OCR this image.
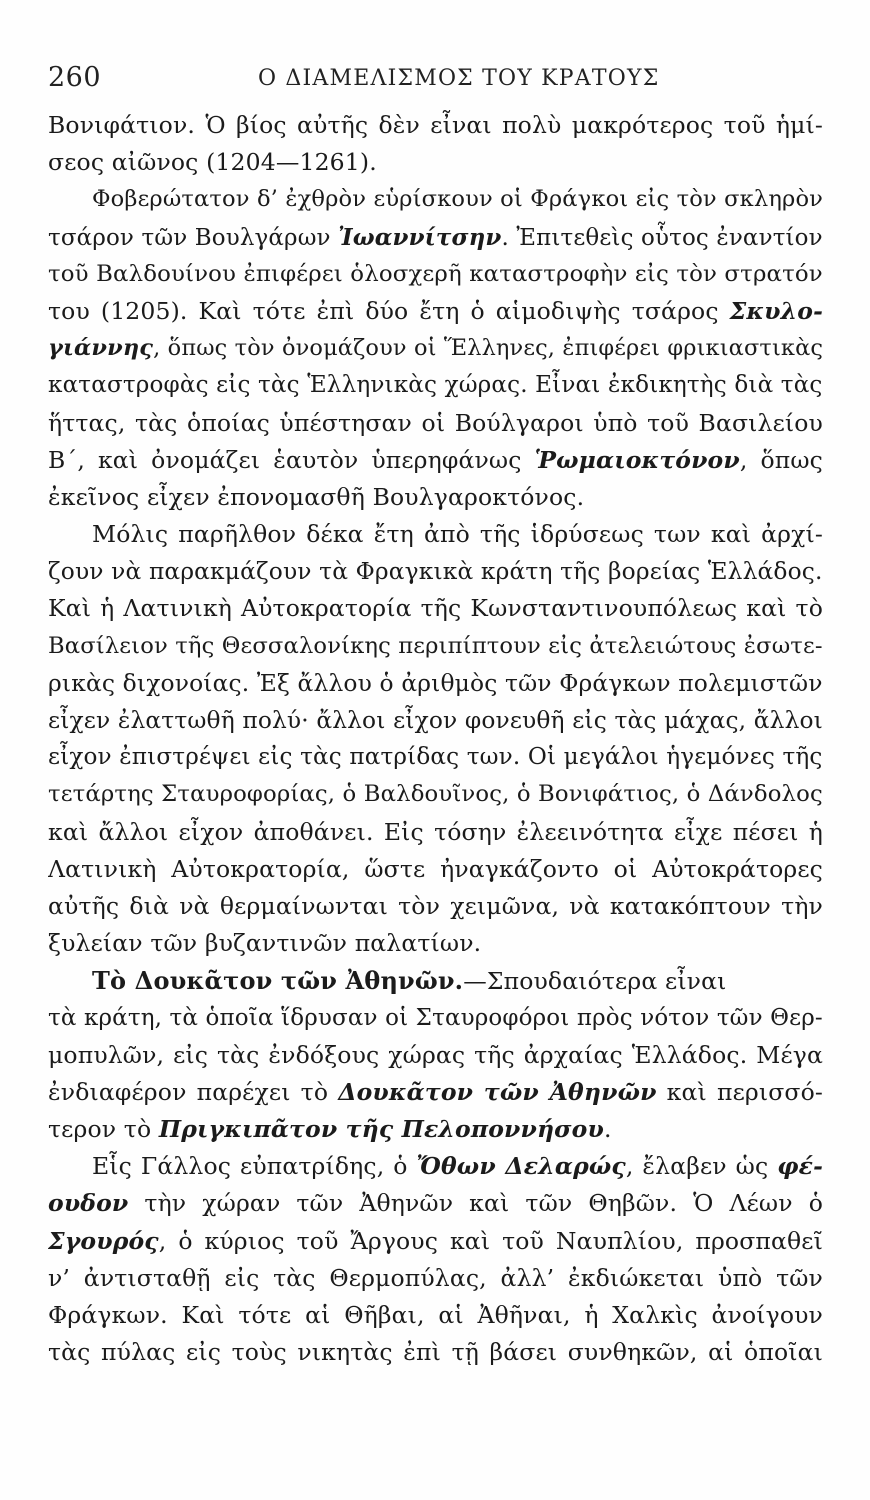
260	Ο ΔΙΑΜΕΛΙΣΜΟΣ ΤΟΥ ΚΡΑΤΟΥΣ
Βονιφάτιον. Ὁ βίος αὐτῆς δὲν εἶναι πολὺ μακρότερος τοῦ ἡμί-
σεος αἰῶνος (1204—1261).
Φοβερώτατον δ’ ἐχθρὸν εὑρίσκουν οἱ Φράγκοι εἰς τὸν σκληρὸν
τσάρον τῶν Βουλγάρων Ἰωαννίτσην. Ἐπιτεθεὶς οὗτος ἐναντίον
τοῦ Βαλδουίνου ἐπιφέρει ὁλοσχερῆ καταστροφὴν εἰς τὸν στρατόν
του (1205). Καὶ τότε ἐπὶ δύο ἔτη ὁ αἱμοδιψὴς τσάρος Σκυλο-
γιάννης, ὅπως τὸν ὀνομάζουν οἱ Ἕλληνες, ἐπιφέρει φρικιαστικὰς
καταστροφὰς εἰς τὰς Ἑλληνικὰς χώρας. Εἶναι ἐκδικητὴς διὰ τὰς
ἥττας, τὰς ὁποίας ὑπέστησαν οἱ Βούλγαροι ὑπὸ τοῦ Βασιλείου
Β΄, καὶ ὀνομάζει ἑαυτὸν ὑπερηφάνως Ῥωμαιοκτόνον, ὅπως
ἐκεῖνος εἶχεν ἐπονομασθῆ Βουλγαροκτόνος.
Μόλις παρῆλθον δέκα ἔτη ἀπὸ τῆς ἱδρύσεως των καὶ ἀρχί-
ζουν νὰ παρακμάζουν τὰ Φραγκικὰ κράτη τῆς βορείας Ἑλλάδος.
Καὶ ἡ Λατινικὴ Αὐτοκρατορία τῆς Κωνσταντινουπόλεως καὶ τὸ
Βασίλειον τῆς Θεσσαλονίκης περιπίπτουν εἰς ἀτελειώτους ἐσωτε-
ρικὰς διχονοίας. Ἐξ ἄλλου ὁ ἀριθμὸς τῶν Φράγκων πολεμιστῶν
εἶχεν ἐλαττωθῆ πολύ· ἄλλοι εἶχον φονευθῆ εἰς τὰς μάχας, ἄλλοι
εἶχον ἐπιστρέψει εἰς τὰς πατρίδας των. Οἱ μεγάλοι ἡγεμόνες τῆς
τετάρτης Σταυροφορίας, ὁ Βαλδουῖνος, ὁ Βονιφάτιος, ὁ Δάνδολος
καὶ ἄλλοι εἶχον ἀποθάνει. Εἰς τόσην ἐλεεινότητα εἶχε πέσει ἡ
Λατινικὴ Αὐτοκρατορία, ὥστε ἠναγκάζοντο οἱ Αὐτοκράτορες
αὐτῆς διὰ νὰ θερμαίνωνται τὸν χειμῶνα, νὰ κατακόπτουν τὴν
ξυλείαν τῶν βυζαντινῶν παλατίων.
Τὸ Δουκᾶτον τῶν Ἀθηνῶν.—Σπουδαιότερα εἶναι
τὰ κράτη, τὰ ὁποῖα ἵδρυσαν οἱ Σταυροφόροι πρὸς νότον τῶν Θερ-
μοπυλῶν, εἰς τὰς ἐνδόξους χώρας τῆς ἀρχαίας Ἑλλάδος. Μέγα
ἐνδιαφέρον παρέχει τὸ Δουκᾶτον τῶν Ἀθηνῶν καὶ περισσό-
τερον τὸ Πριγκιπᾶτον τῆς Πελοποννήσου.
Εἷς Γάλλος εὐπατρίδης, ὁ Ὄθων Δελαρώς, ἔλαβεν ὡς φέ-
ουδον τὴν χώραν τῶν Ἀθηνῶν καὶ τῶν Θηβῶν. Ὁ Λέων ὁ
Σγουρός, ὁ κύριος τοῦ Ἄργους καὶ τοῦ Ναυπλίου, προσπαθεῖ
ν’ ἀντισταθῇ εἰς τὰς Θερμοπύλας, ἀλλ’ ἐκδιώκεται ὑπὸ τῶν
Φράγκων. Καὶ τότε αἱ Θῆβαι, αἱ Ἀθῆναι, ἡ Χαλκὶς ἀνοίγουν
τὰς πύλας εἰς τοὺς νικητὰς ἐπὶ τῇ βάσει συνθηκῶν, αἱ ὁποῖαι
